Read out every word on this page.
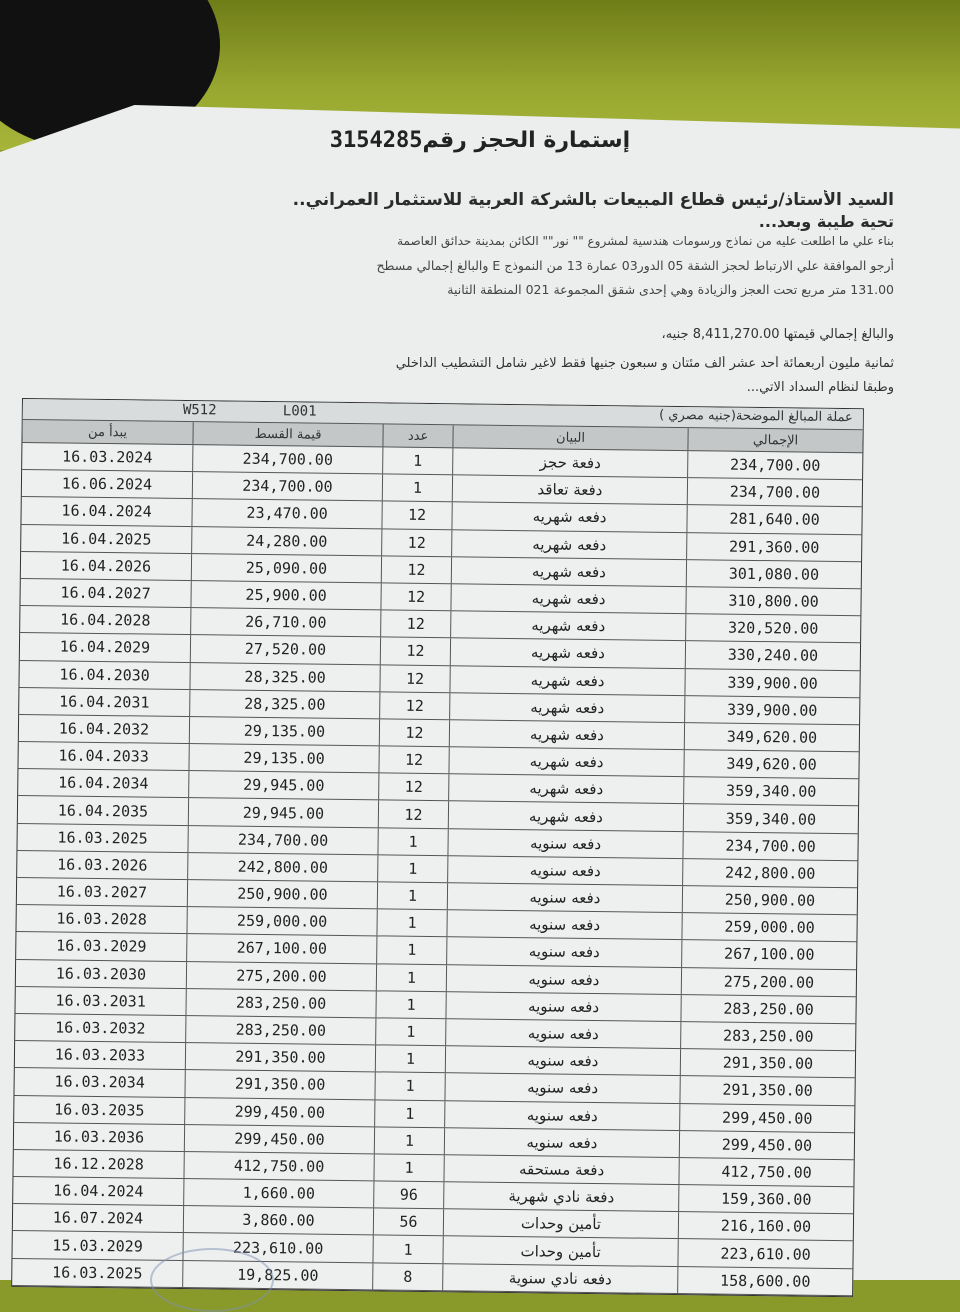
إستمارة الحجز رقم3154285
السيد الأستاذ/رئيس قطاع المبيعات بالشركة العربية للاستثمار العمراني..
تحية طيبة وبعد...
بناء علي ما اطلعت عليه من نماذج ورسومات هندسية لمشروع "" نور"" الكائن بمدينة حدائق العاصمة
أرجو الموافقة علي الارتباط لحجز الشقة 05 الدور03 عمارة 13 من النموذج E والبالغ إجمالي مسطح
131.00 متر مربع تحت العجز والزيادة وهي إحدى شقق المجموعة 021 المنطقة الثانية
والبالغ إجمالي قيمتها 8,411,270.00 جنيه،
ثمانية مليون أربعمائة أحد عشر ألف مئتان و سبعون جنيها فقط لاغير شامل التشطيب الداخلي
وطبقا لنظام السداد الاتي...
W512	L001	عملة المبالغ الموضحة(جنيه مصري )
يبدأ من	قيمة القسط	عدد	البيان	الإجمالي
16.03.2024	234,700.00	1	دفعة حجز	234,700.00
16.06.2024	234,700.00	1	دفعة تعاقد	234,700.00
16.04.2024	23,470.00	12	دفعه شهريه	281,640.00
16.04.2025	24,280.00	12	دفعه شهريه	291,360.00
16.04.2026	25,090.00	12	دفعه شهريه	301,080.00
16.04.2027	25,900.00	12	دفعه شهريه	310,800.00
16.04.2028	26,710.00	12	دفعه شهريه	320,520.00
16.04.2029	27,520.00	12	دفعه شهريه	330,240.00
16.04.2030	28,325.00	12	دفعه شهريه	339,900.00
16.04.2031	28,325.00	12	دفعه شهريه	339,900.00
16.04.2032	29,135.00	12	دفعه شهريه	349,620.00
16.04.2033	29,135.00	12	دفعه شهريه	349,620.00
16.04.2034	29,945.00	12	دفعه شهريه	359,340.00
16.04.2035	29,945.00	12	دفعه شهريه	359,340.00
16.03.2025	234,700.00	1	دفعه سنويه	234,700.00
16.03.2026	242,800.00	1	دفعه سنويه	242,800.00
16.03.2027	250,900.00	1	دفعه سنويه	250,900.00
16.03.2028	259,000.00	1	دفعه سنويه	259,000.00
16.03.2029	267,100.00	1	دفعه سنويه	267,100.00
16.03.2030	275,200.00	1	دفعه سنويه	275,200.00
16.03.2031	283,250.00	1	دفعه سنويه	283,250.00
16.03.2032	283,250.00	1	دفعه سنويه	283,250.00
16.03.2033	291,350.00	1	دفعه سنويه	291,350.00
16.03.2034	291,350.00	1	دفعه سنويه	291,350.00
16.03.2035	299,450.00	1	دفعه سنويه	299,450.00
16.03.2036	299,450.00	1	دفعه سنويه	299,450.00
16.12.2028	412,750.00	1	دفعة مستحقه	412,750.00
16.04.2024	1,660.00	96	دفعة نادي شهرية	159,360.00
16.07.2024	3,860.00	56	تأمين وحدات	216,160.00
15.03.2029	223,610.00	1	تأمين وحدات	223,610.00
16.03.2025	19,825.00	8	دفعه نادي سنوية	158,600.00
